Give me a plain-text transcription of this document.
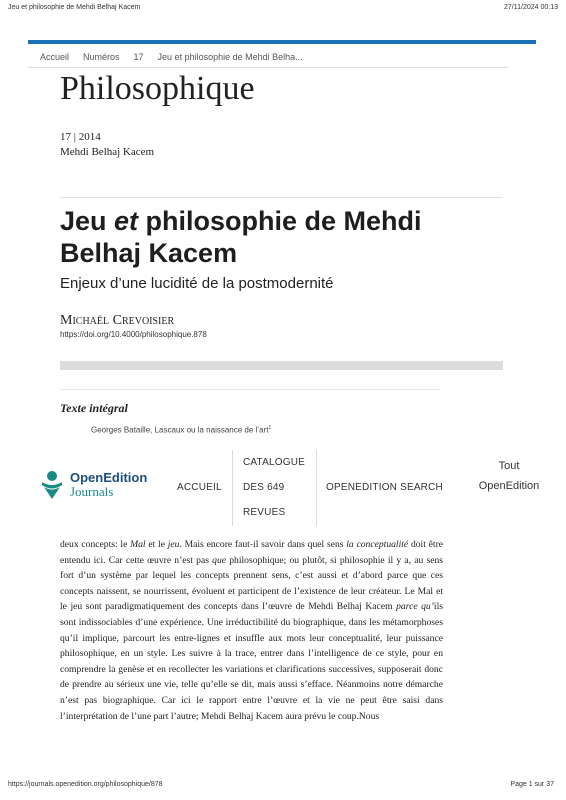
Jeu et philosophie de Mehdi Belhaj Kacem	27/11/2024 00:13
Accueil Numéros 17 Jeu et philosophie de Mehdi Belha...
Philosophique
17 | 2014
Mehdi Belhaj Kacem
Jeu et philosophie de Mehdi Belhaj Kacem
Enjeux d’une lucidité de la postmodernité
Michaël Crevoisier
https://doi.org/10.4000/philosophique.878
Texte intégral
Georges Bataille, Lascaux ou la naissance de l’art$^1$
OpenEdition
Journals	ACCUEIL
CATALOGUE
DES 649
REVUES
OPENEDITION SEARCH
Tout
OpenEdition

deux concepts: le Mal et le jeu. Mais encore faut-il savoir dans quel sens la conceptualité doit être entendu ici. Car cette œuvre n’est pas que philosophique; ou plutôt, si philosophie il y a, au sens fort d’un système par lequel les concepts prennent sens, c’est aussi et d’abord parce que ces concepts naissent, se nourrissent, évoluent et participent de l’existence de leur créateur. Le Mal et le jeu sont paradigmatiquement des concepts dans l’œuvre de Mehdi Belhaj Kacem parce qu’ils sont indissociables d’une expérience. Une irréductibilité du biographique, dans les métamorphoses qu’il implique, parcourt les entre-lignes et insuffle aux mots leur conceptualité, leur puissance philosophique, en un style. Les suivre à la trace, entrer dans l’intelligence de ce style, pour en comprendre la genèse et en recollecter les variations et clarifications successives, supposerait donc de prendre au sérieux une vie, telle qu’elle se dit, mais aussi s’efface. Néanmoins notre démarche n’est pas biographique. Car ici le rapport entre l’œuvre et la vie ne peut être saisi dans l’interprétation de l’une part l’autre; Mehdi Belhaj Kacem aura prévu le coup.Nous

https://journals.openedition.org/philosophique/878	Page 1 sur 37
